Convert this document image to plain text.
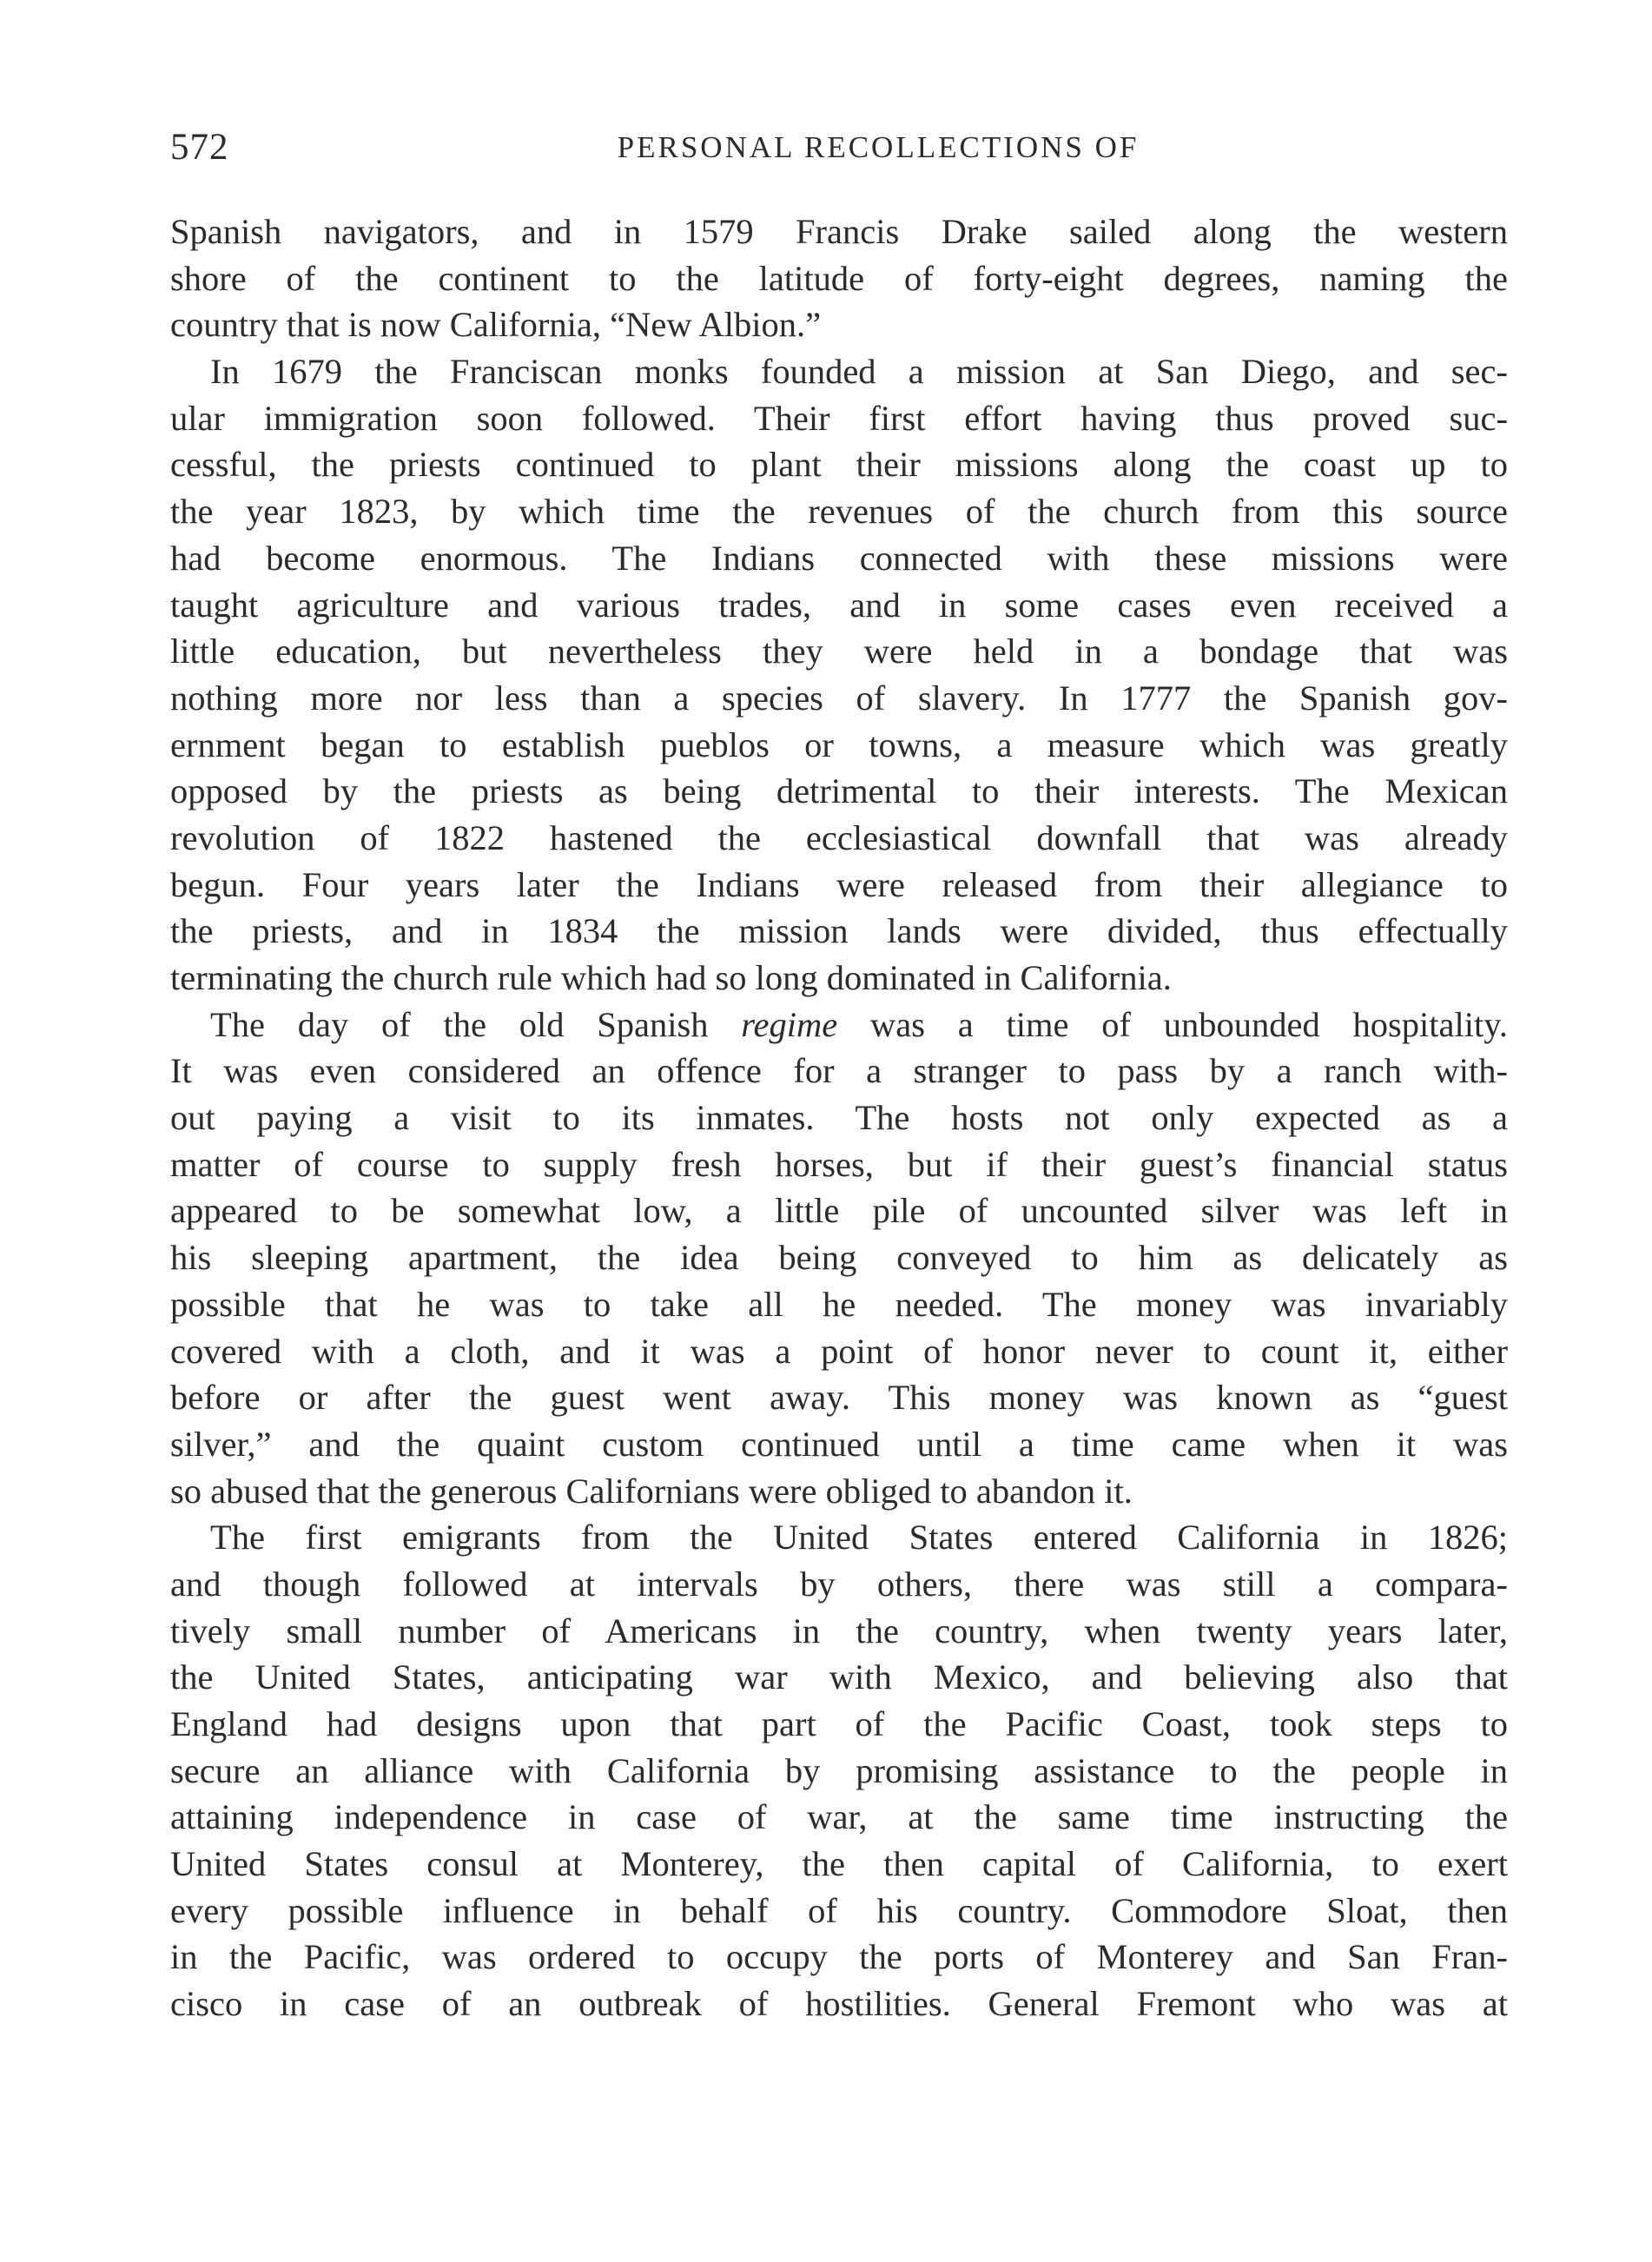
572	PERSONAL RECOLLECTIONS OF
Spanish navigators, and in 1579 Francis Drake sailed along the western
shore of the continent to the latitude of forty-eight degrees, naming the
country that is now California, “New Albion.”
In 1679 the Franciscan monks founded a mission at San Diego, and sec-
ular immigration soon followed. Their first effort having thus proved suc-
cessful, the priests continued to plant their missions along the coast up to
the year 1823, by which time the revenues of the church from this source
had become enormous. The Indians connected with these missions were
taught agriculture and various trades, and in some cases even received a
little education, but nevertheless they were held in a bondage that was
nothing more nor less than a species of slavery. In 1777 the Spanish gov-
ernment began to establish pueblos or towns, a measure which was greatly
opposed by the priests as being detrimental to their interests. The Mexican
revolution of 1822 hastened the ecclesiastical downfall that was already
begun. Four years later the Indians were released from their allegiance to
the priests, and in 1834 the mission lands were divided, thus effectually
terminating the church rule which had so long dominated in California.
The day of the old Spanish regime was a time of unbounded hospitality.
It was even considered an offence for a stranger to pass by a ranch with-
out paying a visit to its inmates. The hosts not only expected as a
matter of course to supply fresh horses, but if their guest’s financial status
appeared to be somewhat low, a little pile of uncounted silver was left in
his sleeping apartment, the idea being conveyed to him as delicately as
possible that he was to take all he needed. The money was invariably
covered with a cloth, and it was a point of honor never to count it, either
before or after the guest went away. This money was known as “guest
silver,” and the quaint custom continued until a time came when it was
so abused that the generous Californians were obliged to abandon it.
The first emigrants from the United States entered California in 1826;
and though followed at intervals by others, there was still a compara-
tively small number of Americans in the country, when twenty years later,
the United States, anticipating war with Mexico, and believing also that
England had designs upon that part of the Pacific Coast, took steps to
secure an alliance with California by promising assistance to the people in
attaining independence in case of war, at the same time instructing the
United States consul at Monterey, the then capital of California, to exert
every possible influence in behalf of his country. Commodore Sloat, then
in the Pacific, was ordered to occupy the ports of Monterey and San Fran-
cisco in case of an outbreak of hostilities. General Fremont who was at
